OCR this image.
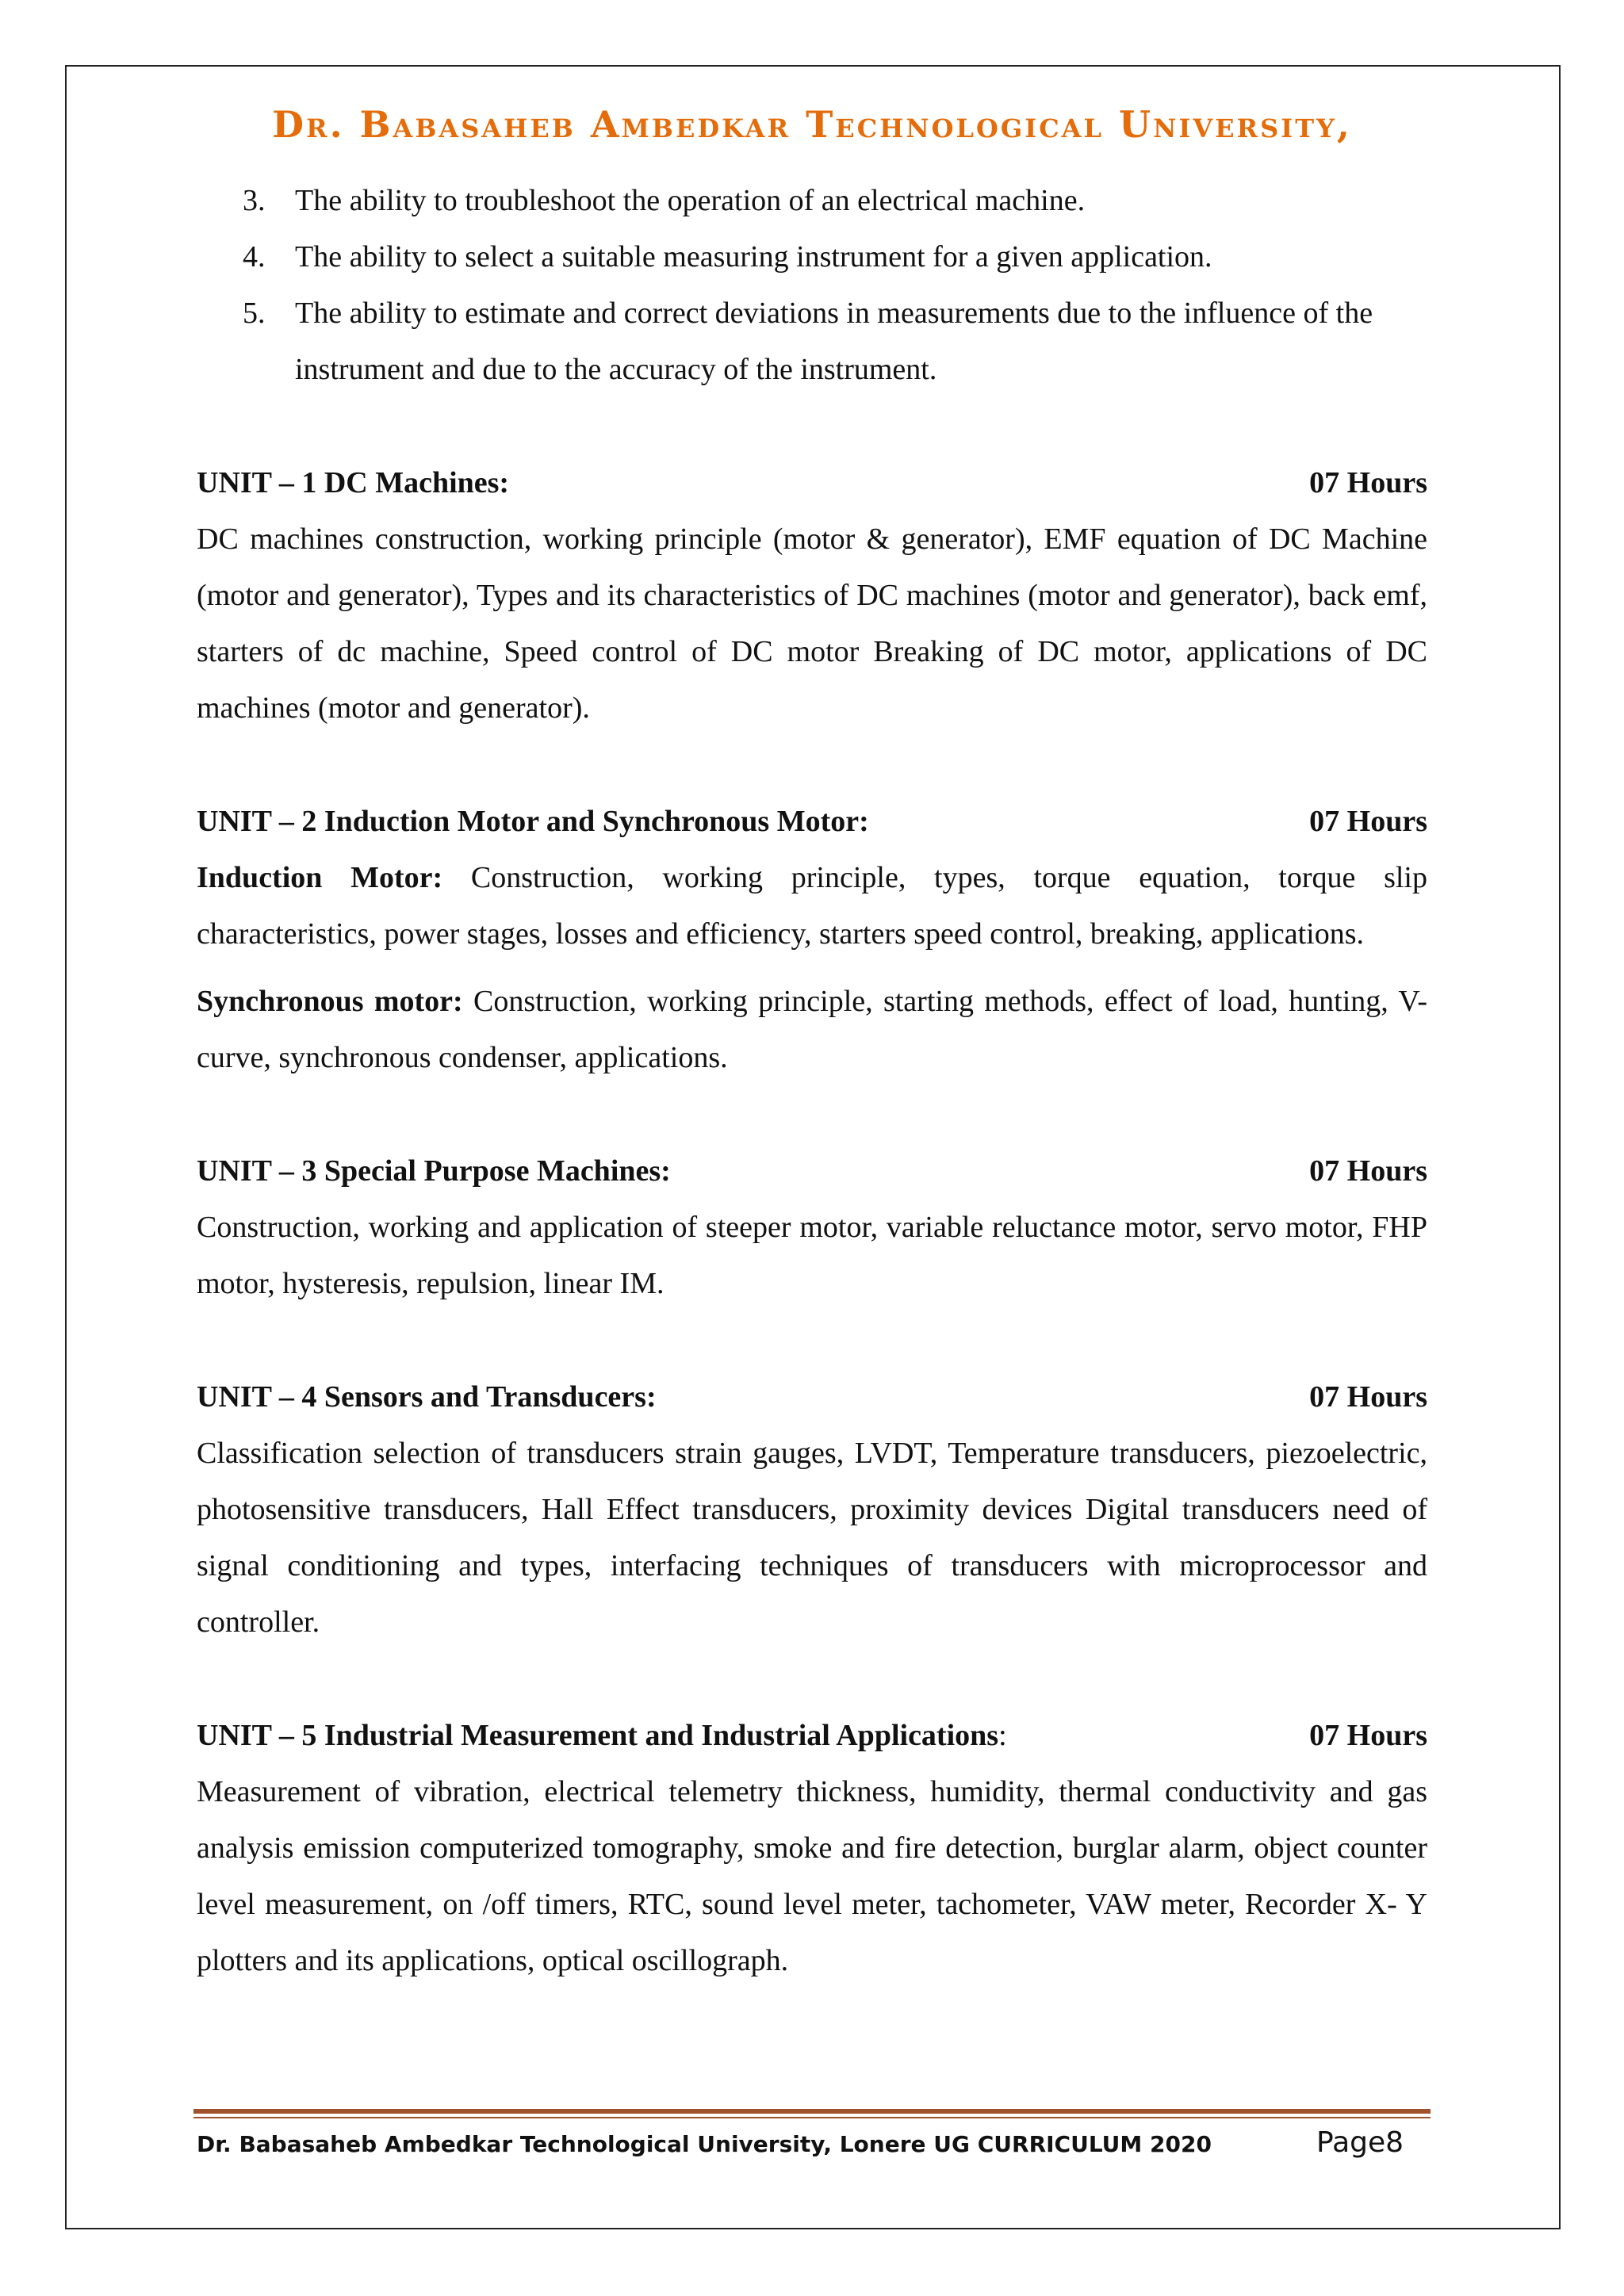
Dr. Babasaheb Ambedkar Technological University,
3. The ability to troubleshoot the operation of an electrical machine.
4. The ability to select a suitable measuring instrument for a given application.
5. The ability to estimate and correct deviations in measurements due to the influence of the instrument and due to the accuracy of the instrument.
UNIT – 1 DC Machines:	07 Hours
DC machines construction, working principle (motor & generator), EMF equation of DC Machine (motor and generator), Types and its characteristics of DC machines (motor and generator), back emf, starters of dc machine, Speed control of DC motor Breaking of DC motor, applications of DC machines (motor and generator).
UNIT – 2 Induction Motor and Synchronous Motor:	07 Hours
Induction Motor: Construction, working principle, types, torque equation, torque slip characteristics, power stages, losses and efficiency, starters speed control, breaking, applications.
Synchronous motor: Construction, working principle, starting methods, effect of load, hunting, V-curve, synchronous condenser, applications.
UNIT – 3 Special Purpose Machines:	07 Hours
Construction, working and application of steeper motor, variable reluctance motor, servo motor, FHP motor, hysteresis, repulsion, linear IM.
UNIT – 4 Sensors and Transducers:	07 Hours
Classification selection of transducers strain gauges, LVDT, Temperature transducers, piezoelectric, photosensitive transducers, Hall Effect transducers, proximity devices Digital transducers need of signal conditioning and types, interfacing techniques of transducers with microprocessor and controller.
UNIT – 5 Industrial Measurement and Industrial Applications:	07 Hours
Measurement of vibration, electrical telemetry thickness, humidity, thermal conductivity and gas analysis emission computerized tomography, smoke and fire detection, burglar alarm, object counter level measurement, on /off timers, RTC, sound level meter, tachometer, VAW meter, Recorder X- Y plotters and its applications, optical oscillograph.
Dr. Babasaheb Ambedkar Technological University, Lonere UG CURRICULUM 2020	Page8
